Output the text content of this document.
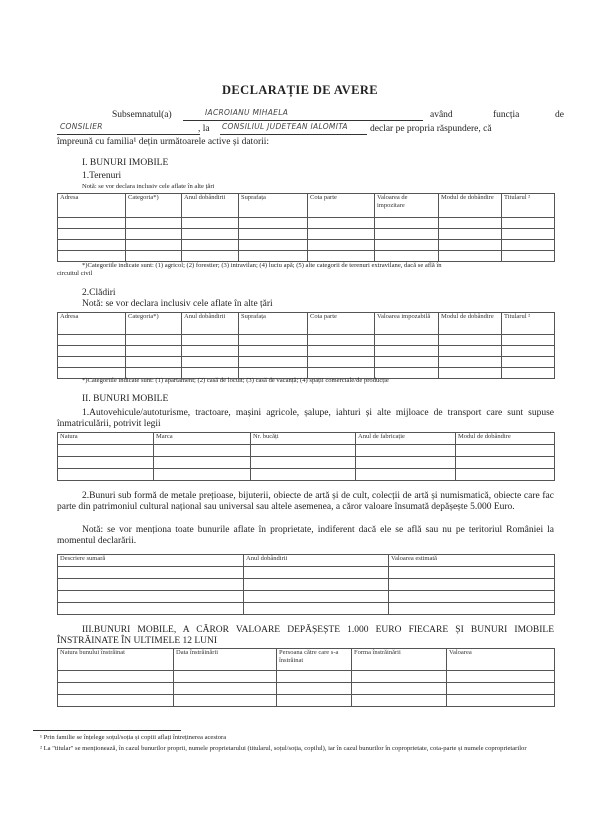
DECLARAȚIE DE AVERE
Subsemnatul(a)	IACROIANU MIHAELA	având	funcția	de
CONSILIER	, la CONSILIUL JUDETEAN IALOMITA declar pe propria răspundere, că
împreună cu familia¹ dețin următoarele active și datorii:
I. BUNURI IMOBILE
1.Terenuri
Notă: se vor declara inclusiv cele aflate în alte țări
Adresa	Categoria*)	Anul dobândirii	Suprafața	Cota parte	Valoarea de impozitare	Modul de dobândire	Titularul ²

*)Categoriile indicate sunt: (1) agricol; (2) forestier; (3) intravilan; (4) luciu apă; (5) alte categorii de terenuri extravilane, dacă se află în
circuitul civil
2.Clădiri
Notă: se vor declara inclusiv cele aflate în alte țări
Adresa	Categoria*)	Anul dobândirii	Suprafața	Cota parte	Valoarea impozabilă	Modul de dobândire	Titularul ²

*)Categoriile indicate sunt: (1) apartament; (2) casă de locuit; (3) casă de vacanță; (4) spații comerciale/de producție
II. BUNURI MOBILE
1.Autovehicule/autoturisme, tractoare, mașini agricole, șalupe, iahturi și alte mijloace de transport care sunt supuse înmatriculării, potrivit legii
Natura	Marca	Nr. bucăți	Anul de fabricație	Modul de dobândire

2.Bunuri sub formă de metale prețioase, bijuterii, obiecte de artă și de cult, colecții de artă și numismatică, obiecte care fac parte din patrimoniul cultural național sau universal sau altele asemenea, a căror valoare însumată depășește 5.000 Euro.
Notă: se vor menționa toate bunurile aflate în proprietate, indiferent dacă ele se află sau nu pe teritoriul României la momentul declarării.
Descriere sumară	Anul dobândirii	Valoarea estimată

III.BUNURI MOBILE, A CĂROR VALOARE DEPĂȘEȘTE 1.000 EURO FIECARE ȘI BUNURI IMOBILE ÎNSTRĂINATE ÎN ULTIMELE 12 LUNI
Natura bunului înstrăinat	Data înstrăinării	Persoana către care s-a înstrăinat	Forma înstrăinării	Valoarea

¹ Prin familie se înțelege soțul/soția și copiii aflați întreținerea acestora
² La "titular" se menționează, în cazul bunurilor proprii, numele proprietarului (titularul, soțul/soția, copilul), iar în cazul bunurilor în coproprietate, cota-parte și numele coproprietarilor
